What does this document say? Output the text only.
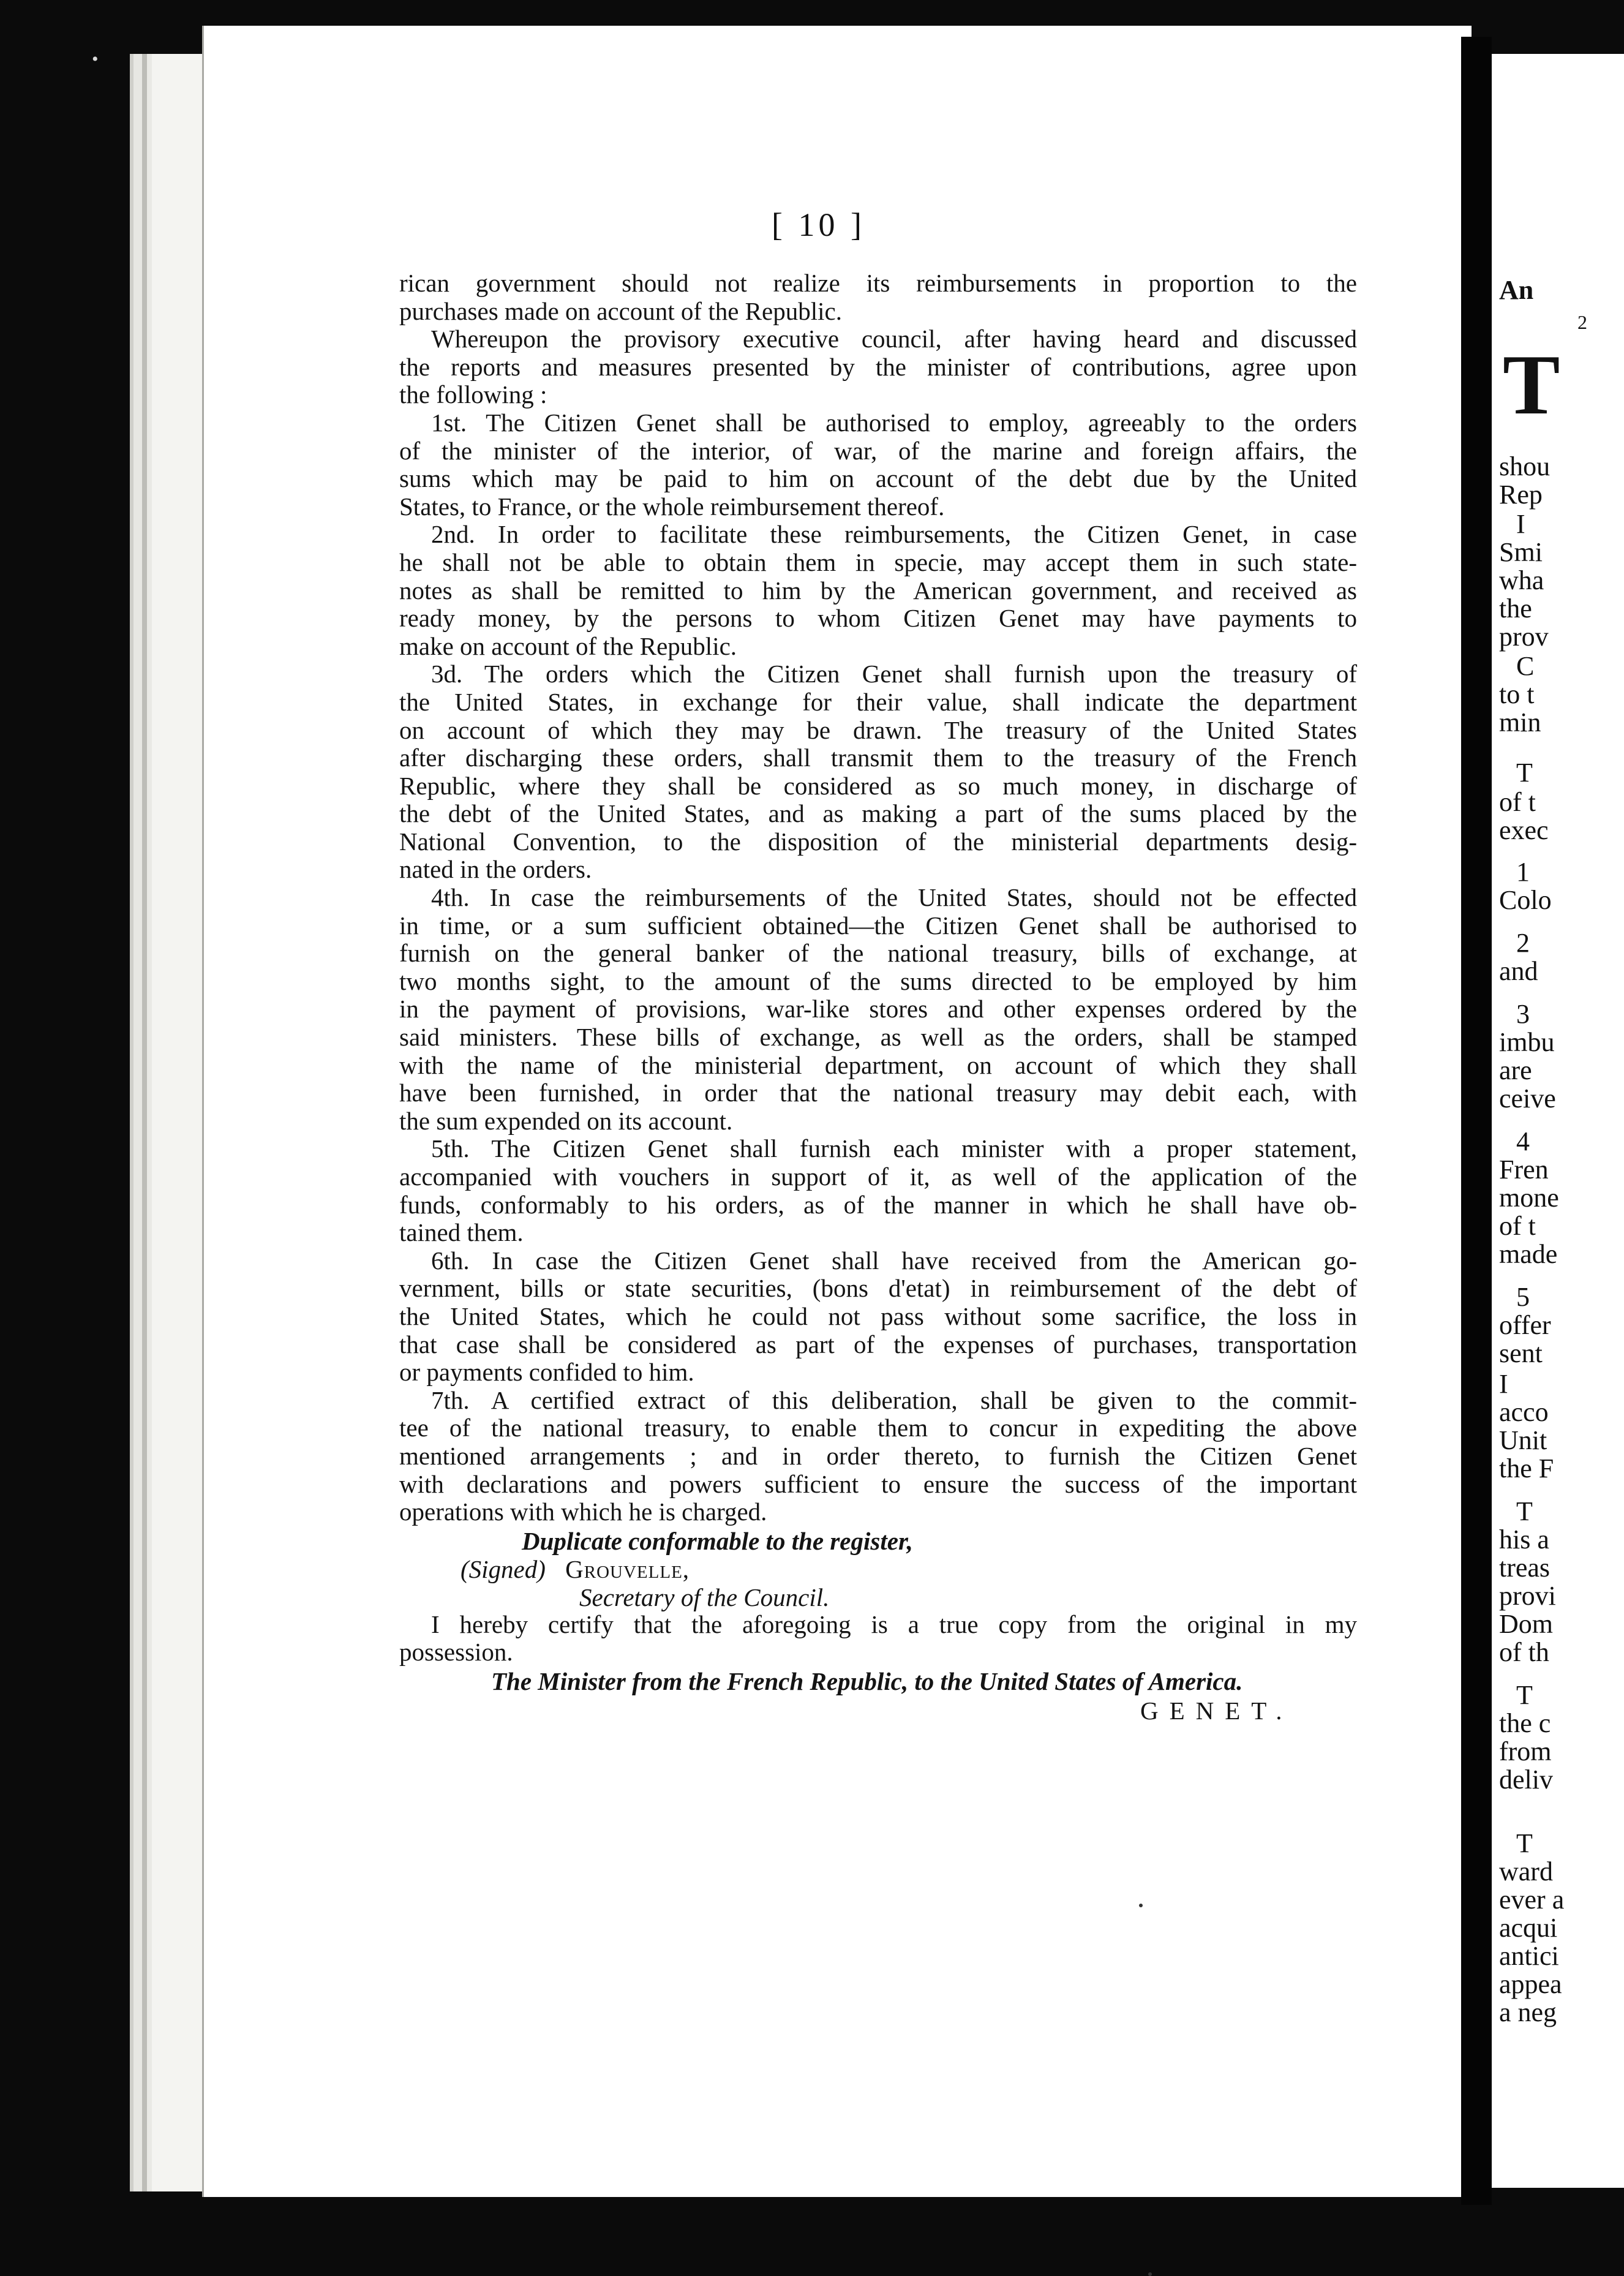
An
2
T
shou
Rep
I
Smi
wha
the
prov
C
to t
min
T
of t
exec
1
Colo
2
and
3
imbu
are
ceive
4
Fren
mone
of t
made
5
offer
sent
I
acco
Unit
the F
T
his a
treas
provi
Dom
of th
T
the c
from
deliv
T
ward
ever a
acqui
antici
appea
a neg
[ 10 ]
rican government should not realize its reimbursements in proportion to the
purchases made on account of the Republic.
Whereupon the provisory executive council, after having heard and discussed
the reports and measures presented by the minister of contributions, agree upon
the following :
1st. The Citizen Genet shall be authorised to employ, agreeably to the orders
of the minister of the interior, of war, of the marine and foreign affairs, the
sums which may be paid to him on account of the debt due by the United
States, to France, or the whole reimbursement thereof.
2nd. In order to facilitate these reimbursements, the Citizen Genet, in case
he shall not be able to obtain them in specie, may accept them in such state-
notes as shall be remitted to him by the American government, and received as
ready money, by the persons to whom Citizen Genet may have payments to
make on account of the Republic.
3d. The orders which the Citizen Genet shall furnish upon the treasury of
the United States, in exchange for their value, shall indicate the department
on account of which they may be drawn. The treasury of the United States
after discharging these orders, shall transmit them to the treasury of the French
Republic, where they shall be considered as so much money, in discharge of
the debt of the United States, and as making a part of the sums placed by the
National Convention, to the disposition of the ministerial departments desig-
nated in the orders.
4th. In case the reimbursements of the United States, should not be effected
in time, or a sum sufficient obtained—the Citizen Genet shall be authorised to
furnish on the general banker of the national treasury, bills of exchange, at
two months sight, to the amount of the sums directed to be employed by him
in the payment of provisions, war-like stores and other expenses ordered by the
said ministers. These bills of exchange, as well as the orders, shall be stamped
with the name of the ministerial department, on account of which they shall
have been furnished, in order that the national treasury may debit each, with
the sum expended on its account.
5th. The Citizen Genet shall furnish each minister with a proper statement,
accompanied with vouchers in support of it, as well of the application of the
funds, conformably to his orders, as of the manner in which he shall have ob-
tained them.
6th. In case the Citizen Genet shall have received from the American go-
vernment, bills or state securities, (bons d'etat) in reimbursement of the debt of
the United States, which he could not pass without some sacrifice, the loss in
that case shall be considered as part of the expenses of purchases, transportation
or payments confided to him.
7th. A certified extract of this deliberation, shall be given to the commit-
tee of the national treasury, to enable them to concur in expediting the above
mentioned arrangements ; and in order thereto, to furnish the Citizen Genet
with declarations and powers sufficient to ensure the success of the important
operations with which he is charged.
Duplicate conformable to the register,
(Signed) Grouvelle,
Secretary of the Council.
I hereby certify that the aforegoing is a true copy from the original in my
possession.
The Minister from the French Republic, to the United States of America.
GENET.
•
